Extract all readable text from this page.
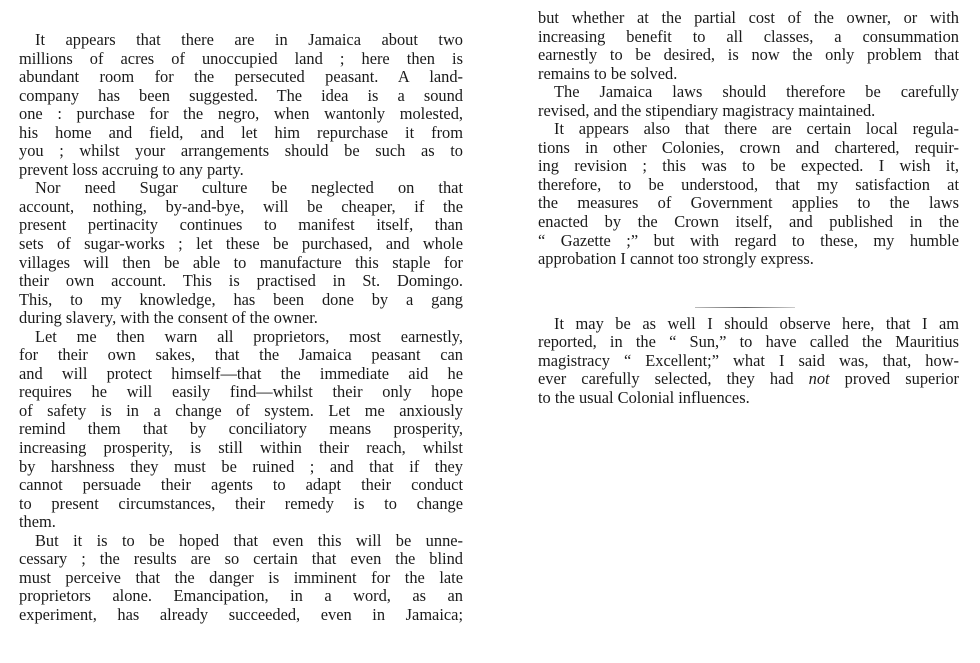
It appears that there are in Jamaica about two
millions of acres of unoccupied land ; here then is
abundant room for the persecuted peasant. A land-
company has been suggested. The idea is a sound
one : purchase for the negro, when wantonly molested,
his home and field, and let him repurchase it from
you ; whilst your arrangements should be such as to
prevent loss accruing to any party.
Nor need Sugar culture be neglected on that
account, nothing, by-and-bye, will be cheaper, if the
present pertinacity continues to manifest itself, than
sets of sugar-works ; let these be purchased, and whole
villages will then be able to manufacture this staple for
their own account. This is practised in St. Domingo.
This, to my knowledge, has been done by a gang
during slavery, with the consent of the owner.
Let me then warn all proprietors, most earnestly,
for their own sakes, that the Jamaica peasant can
and will protect himself—that the immediate aid he
requires he will easily find—whilst their only hope
of safety is in a change of system. Let me anxiously
remind them that by conciliatory means prosperity,
increasing prosperity, is still within their reach, whilst
by harshness they must be ruined ; and that if they
cannot persuade their agents to adapt their conduct
to present circumstances, their remedy is to change
them.
But it is to be hoped that even this will be unne-
cessary ; the results are so certain that even the blind
must perceive that the danger is imminent for the late
proprietors alone. Emancipation, in a word, as an
experiment, has already succeeded, even in Jamaica;
but whether at the partial cost of the owner, or with
increasing benefit to all classes, a consummation
earnestly to be desired, is now the only problem that
remains to be solved.
The Jamaica laws should therefore be carefully
revised, and the stipendiary magistracy maintained.
It appears also that there are certain local regula-
tions in other Colonies, crown and chartered, requir-
ing revision ; this was to be expected. I wish it,
therefore, to be understood, that my satisfaction at
the measures of Government applies to the laws
enacted by the Crown itself, and published in the
“ Gazette ;” but with regard to these, my humble
approbation I cannot too strongly express.
It may be as well I should observe here, that I am
reported, in the “ Sun,” to have called the Mauritius
magistracy “ Excellent;” what I said was, that, how-
ever carefully selected, they had not proved superior
to the usual Colonial influences.
